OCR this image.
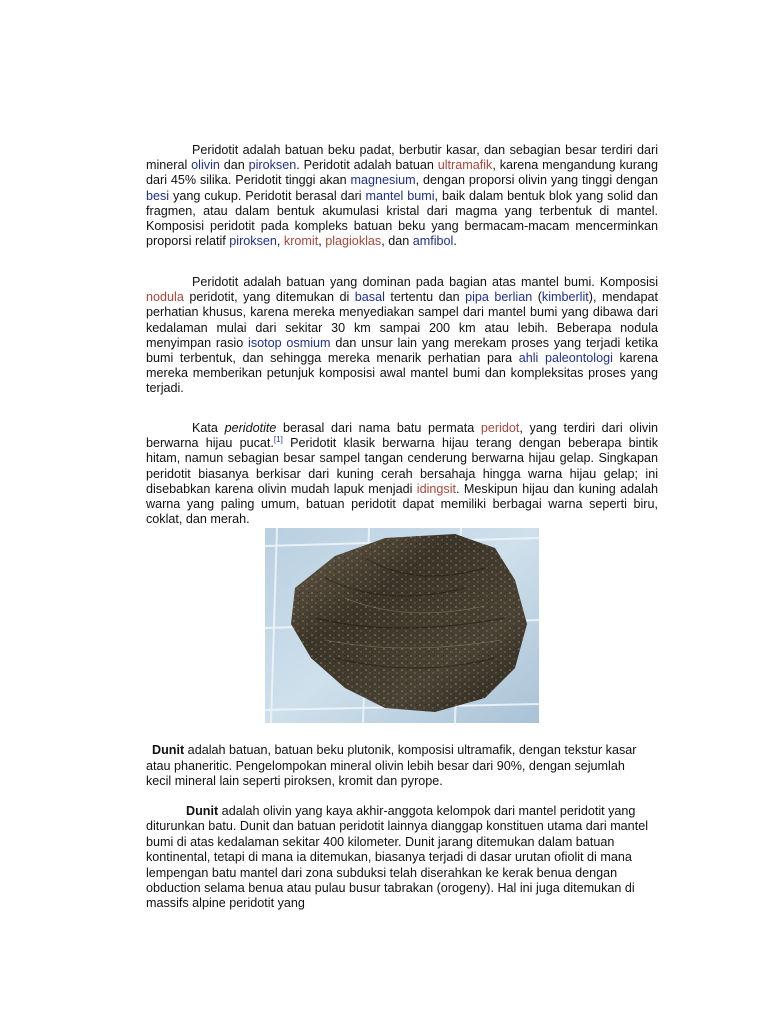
Peridotit adalah batuan beku padat, berbutir kasar, dan sebagian besar terdiri dari mineral olivin dan piroksen. Peridotit adalah batuan ultramafik, karena mengandung kurang dari 45% silika. Peridotit tinggi akan magnesium, dengan proporsi olivin yang tinggi dengan besi yang cukup. Peridotit berasal dari mantel bumi, baik dalam bentuk blok yang solid dan fragmen, atau dalam bentuk akumulasi kristal dari magma yang terbentuk di mantel. Komposisi peridotit pada kompleks batuan beku yang bermacam-macam mencerminkan proporsi relatif piroksen, kromit, plagioklas, dan amfibol.

Peridotit adalah batuan yang dominan pada bagian atas mantel bumi. Komposisi nodula peridotit, yang ditemukan di basal tertentu dan pipa berlian (kimberlit), mendapat perhatian khusus, karena mereka menyediakan sampel dari mantel bumi yang dibawa dari kedalaman mulai dari sekitar 30 km sampai 200 km atau lebih. Beberapa nodula menyimpan rasio isotop osmium dan unsur lain yang merekam proses yang terjadi ketika bumi terbentuk, dan sehingga mereka menarik perhatian para ahli paleontologi karena mereka memberikan petunjuk komposisi awal mantel bumi dan kompleksitas proses yang terjadi.

Kata peridotite berasal dari nama batu permata peridot, yang terdiri dari olivin berwarna hijau pucat.[1] Peridotit klasik berwarna hijau terang dengan beberapa bintik hitam, namun sebagian besar sampel tangan cenderung berwarna hijau gelap. Singkapan peridotit biasanya berkisar dari kuning cerah bersahaja hingga warna hijau gelap; ini disebabkan karena olivin mudah lapuk menjadi idingsit. Meskipun hijau dan kuning adalah warna yang paling umum, batuan peridotit dapat memiliki berbagai warna seperti biru, coklat, dan merah.

Dunit adalah batuan, batuan beku plutonik, komposisi ultramafik, dengan tekstur kasar atau phaneritic. Pengelompokan mineral olivin lebih besar dari 90%, dengan sejumlah kecil mineral lain seperti piroksen, kromit dan pyrope.

Dunit adalah olivin yang kaya akhir-anggota kelompok dari mantel peridotit yang diturunkan batu. Dunit dan batuan peridotit lainnya dianggap konstituen utama dari mantel bumi di atas kedalaman sekitar 400 kilometer. Dunit jarang ditemukan dalam batuan kontinental, tetapi di mana ia ditemukan, biasanya terjadi di dasar urutan ofiolit di mana lempengan batu mantel dari zona subduksi telah diserahkan ke kerak benua dengan obduction selama benua atau pulau busur tabrakan (orogeny). Hal ini juga ditemukan di massifs alpine peridotit yang
